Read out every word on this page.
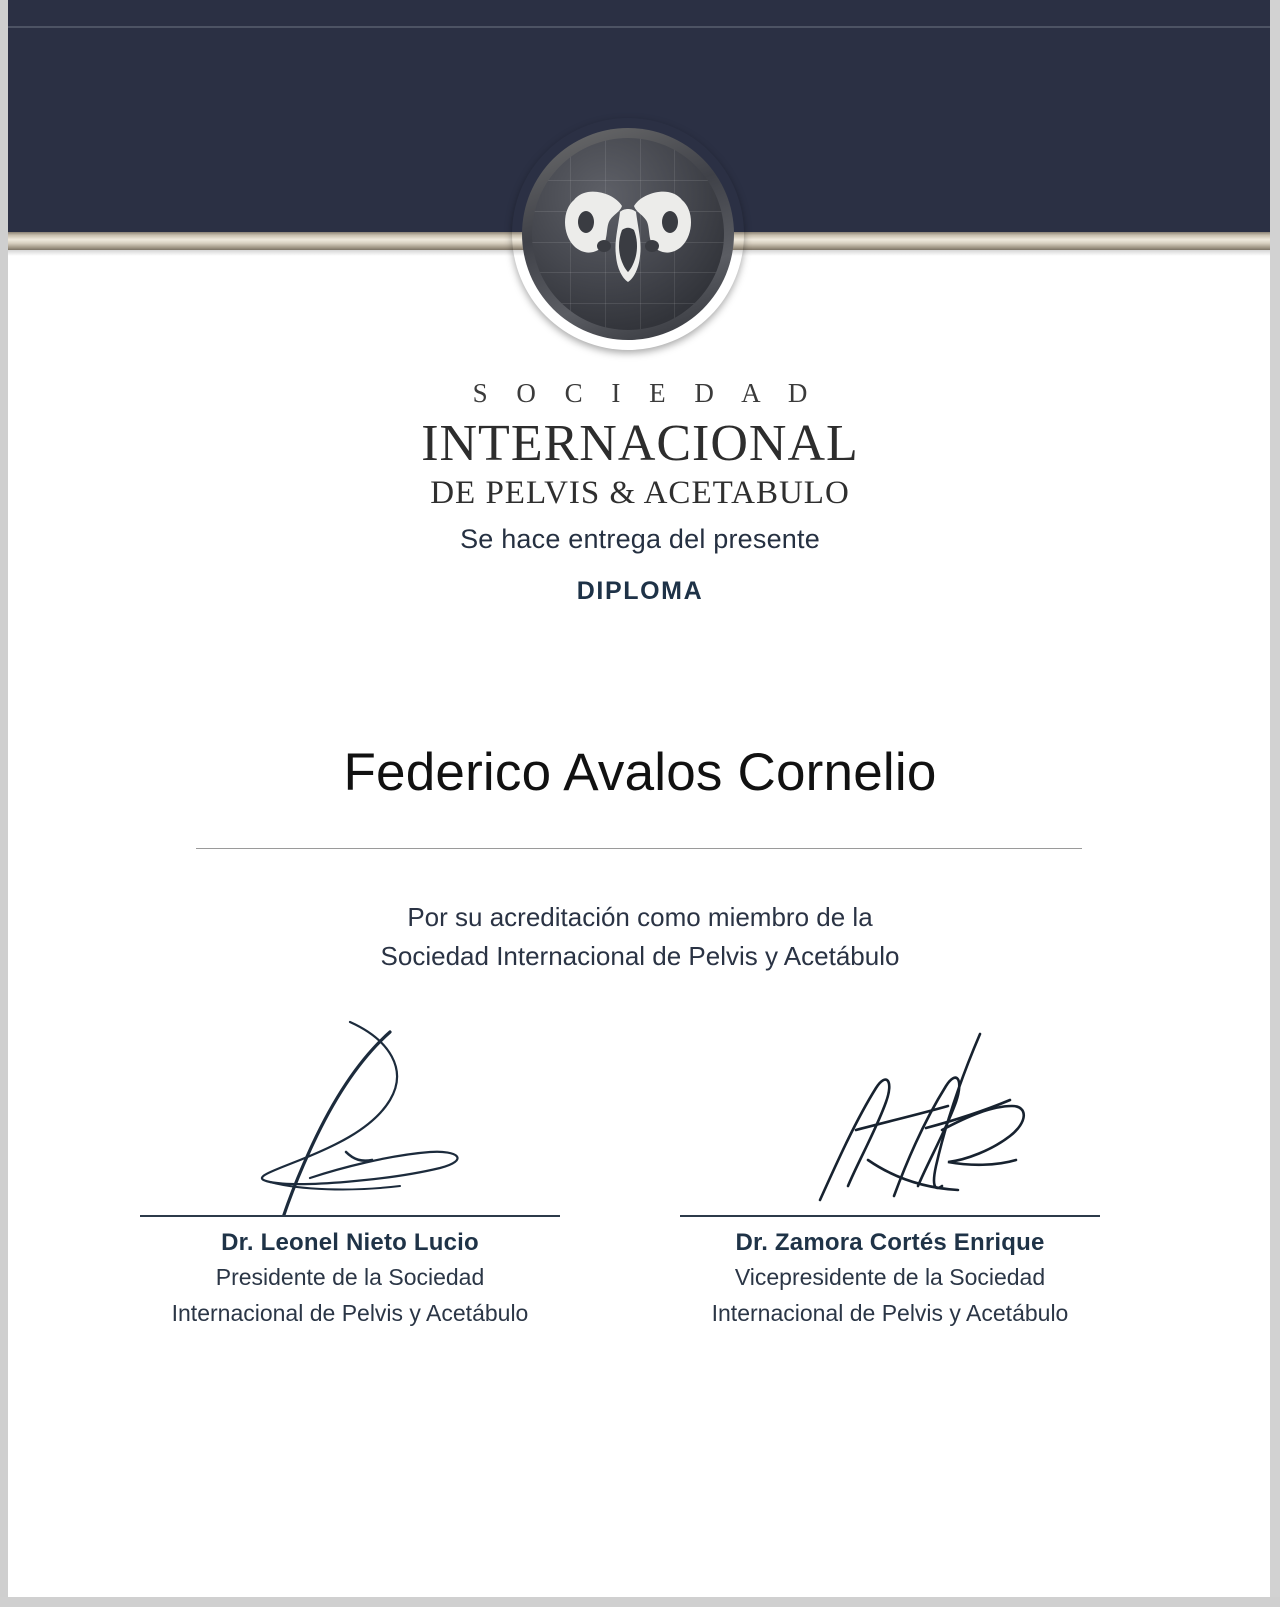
S O C I E D A D
INTERNACIONAL
DE PELVIS & ACETABULO
Se hace entrega del presente
DIPLOMA
Federico Avalos Cornelio
Por su acreditación como miembro de la
Sociedad Internacional de Pelvis y Acetábulo
Dr. Leonel Nieto Lucio
Presidente de la Sociedad
Internacional de Pelvis y Acetábulo
Dr. Zamora Cortés Enrique
Vicepresidente de la Sociedad
Internacional de Pelvis y Acetábulo
